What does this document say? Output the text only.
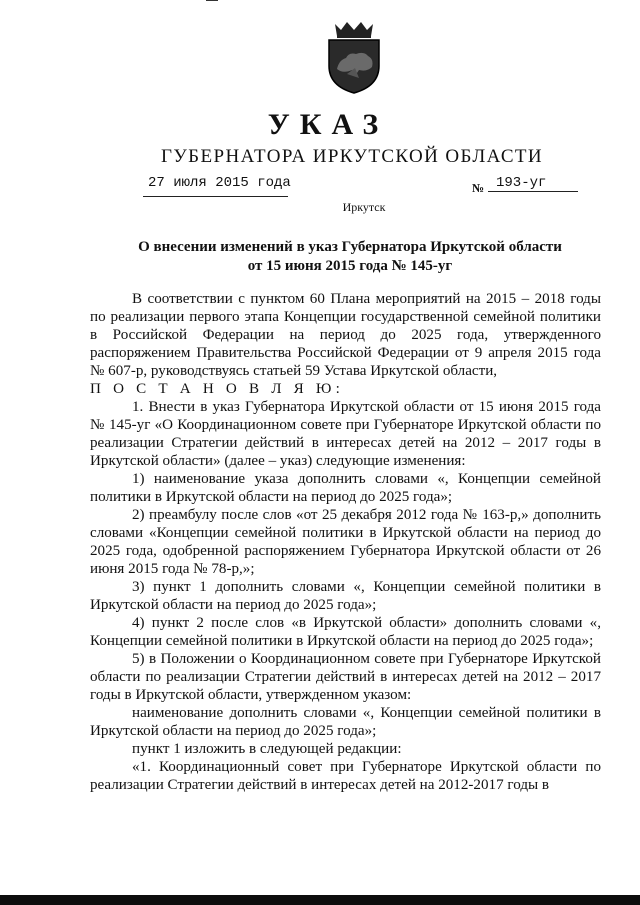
УКАЗ
ГУБЕРНАТОРА ИРКУТСКОЙ ОБЛАСТИ
27 июля 2015 года	№ 193-уг
Иркутск
О внесении изменений в указ Губернатора Иркутской области
от 15 июня 2015 года № 145-уг

В соответствии с пунктом 60 Плана мероприятий на 2015 – 2018 годы по реализации первого этапа Концепции государственной семейной политики в Российской Федерации на период до 2025 года, утвержденного распоряжением Правительства Российской Федерации от 9 апреля 2015 года № 607-р, руководствуясь статьей 59 Устава Иркутской области,

П О С Т А Н О В Л Я Ю:

1. Внести в указ Губернатора Иркутской области от 15 июня 2015 года № 145-уг «О Координационном совете при Губернаторе Иркутской области по реализации Стратегии действий в интересах детей на 2012 – 2017 годы в Иркутской области» (далее – указ) следующие изменения:

1) наименование указа дополнить словами «, Концепции семейной политики в Иркутской области на период до 2025 года»;

2) преамбулу после слов «от 25 декабря 2012 года № 163-р,» дополнить словами «Концепции семейной политики в Иркутской области на период до 2025 года, одобренной распоряжением Губернатора Иркутской области от 26 июня 2015 года № 78-р,»;

3) пункт 1 дополнить словами «, Концепции семейной политики в Иркутской области на период до 2025 года»;

4) пункт 2 после слов «в Иркутской области» дополнить словами «, Концепции семейной политики в Иркутской области на период до 2025 года»;

5) в Положении о Координационном совете при Губернаторе Иркутской области по реализации Стратегии действий в интересах детей на 2012 – 2017 годы в Иркутской области, утвержденном указом:

наименование дополнить словами «, Концепции семейной политики в Иркутской области на период до 2025 года»;

пункт 1 изложить в следующей редакции:

«1. Координационный совет при Губернаторе Иркутской области по реализации Стратегии действий в интересах детей на 2012-2017 годы в
